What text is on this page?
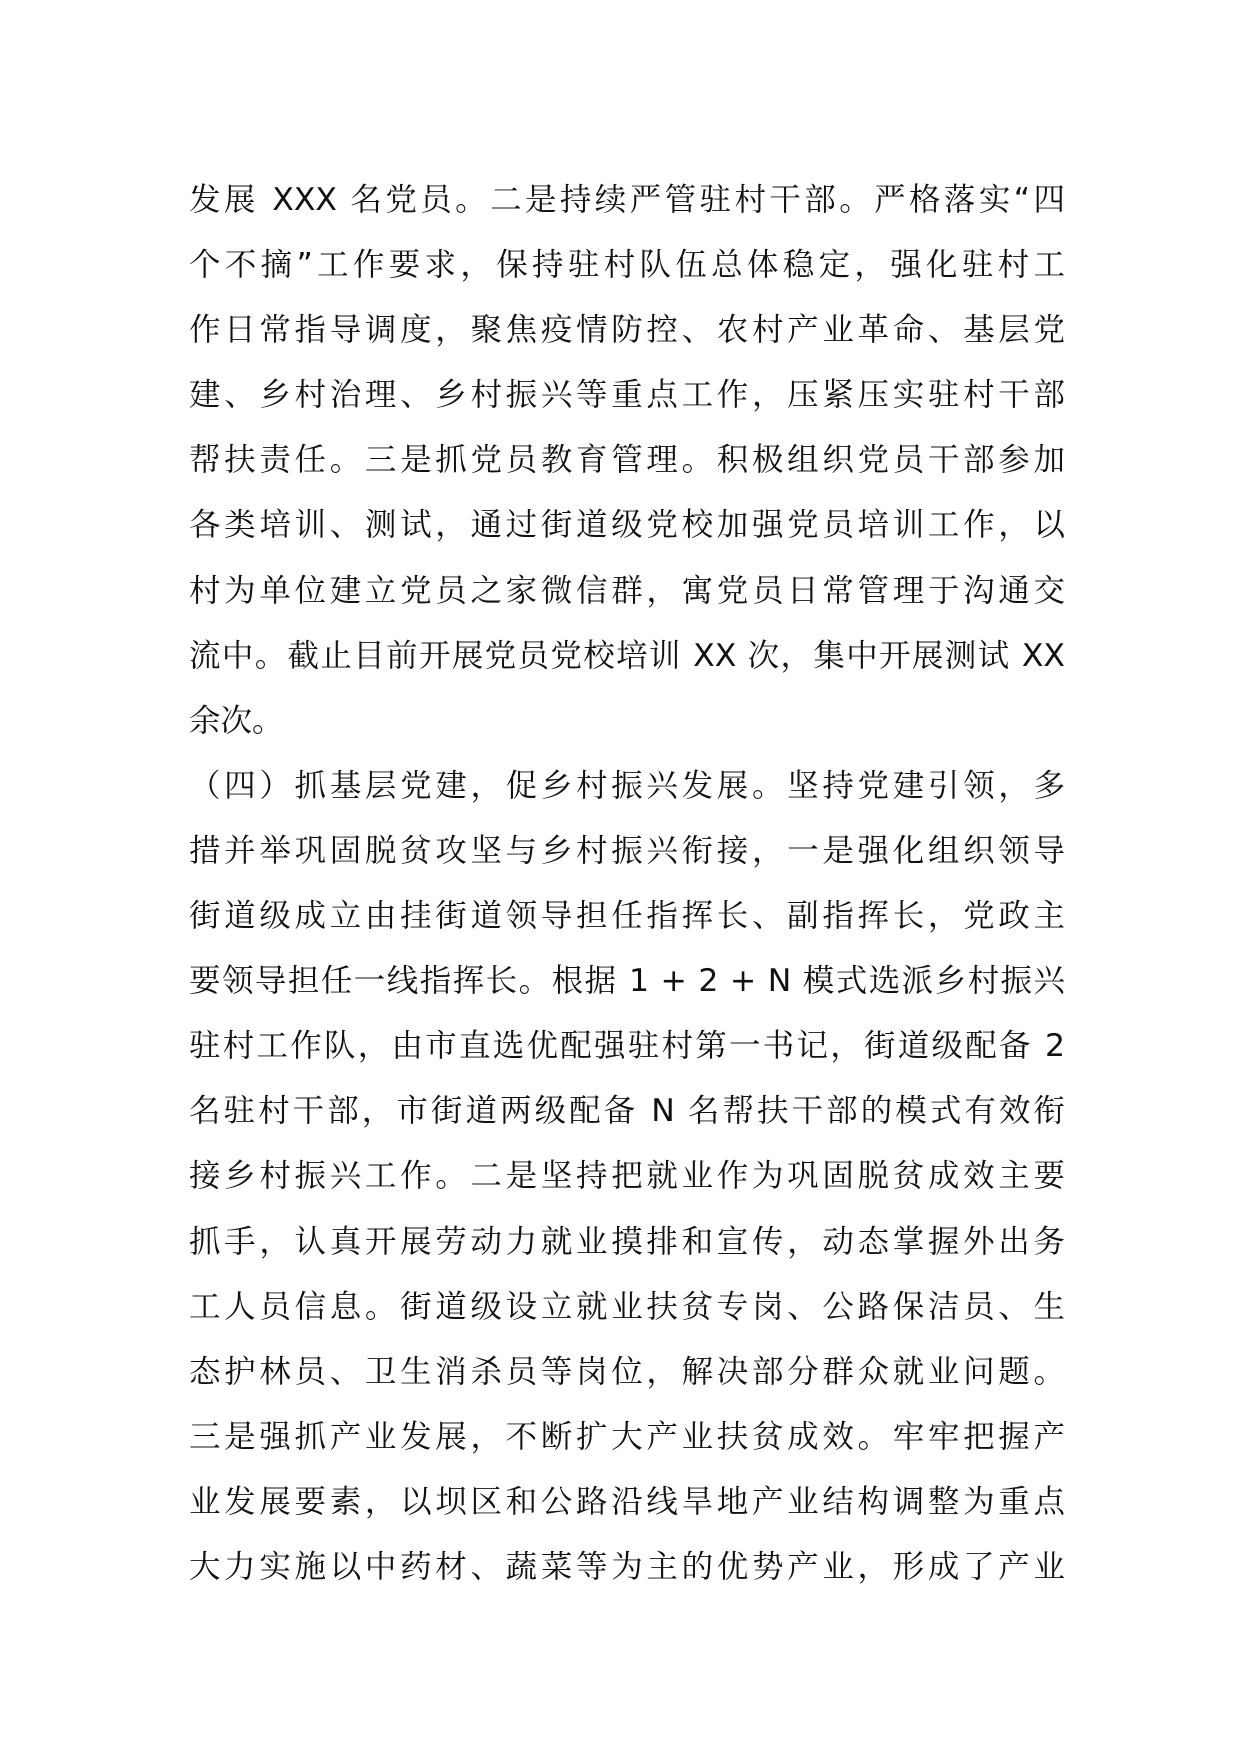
发展 XXX 名党员。二是持续严管驻村干部。严格落实“四
个不摘”工作要求，保持驻村队伍总体稳定，强化驻村工
作日常指导调度，聚焦疫情防控、农村产业革命、基层党
建、乡村治理、乡村振兴等重点工作，压紧压实驻村干部
帮扶责任。三是抓党员教育管理。积极组织党员干部参加
各类培训、测试，通过街道级党校加强党员培训工作，以
村为单位建立党员之家微信群，寓党员日常管理于沟通交
流中。截止目前开展党员党校培训 XX 次，集中开展测试 XX
余次。
（四）抓基层党建，促乡村振兴发展。坚持党建引领，多
措并举巩固脱贫攻坚与乡村振兴衔接，一是强化组织领导
街道级成立由挂街道领导担任指挥长、副指挥长，党政主
要领导担任一线指挥长。根据 1 + 2 + N 模式选派乡村振兴
驻村工作队，由市直选优配强驻村第一书记，街道级配备 2
名驻村干部，市街道两级配备 N 名帮扶干部的模式有效衔
接乡村振兴工作。二是坚持把就业作为巩固脱贫成效主要
抓手，认真开展劳动力就业摸排和宣传，动态掌握外出务
工人员信息。街道级设立就业扶贫专岗、公路保洁员、生
态护林员、卫生消杀员等岗位，解决部分群众就业问题。
三是强抓产业发展，不断扩大产业扶贫成效。牢牢把握产
业发展要素，以坝区和公路沿线旱地产业结构调整为重点
大力实施以中药材、蔬菜等为主的优势产业，形成了产业
